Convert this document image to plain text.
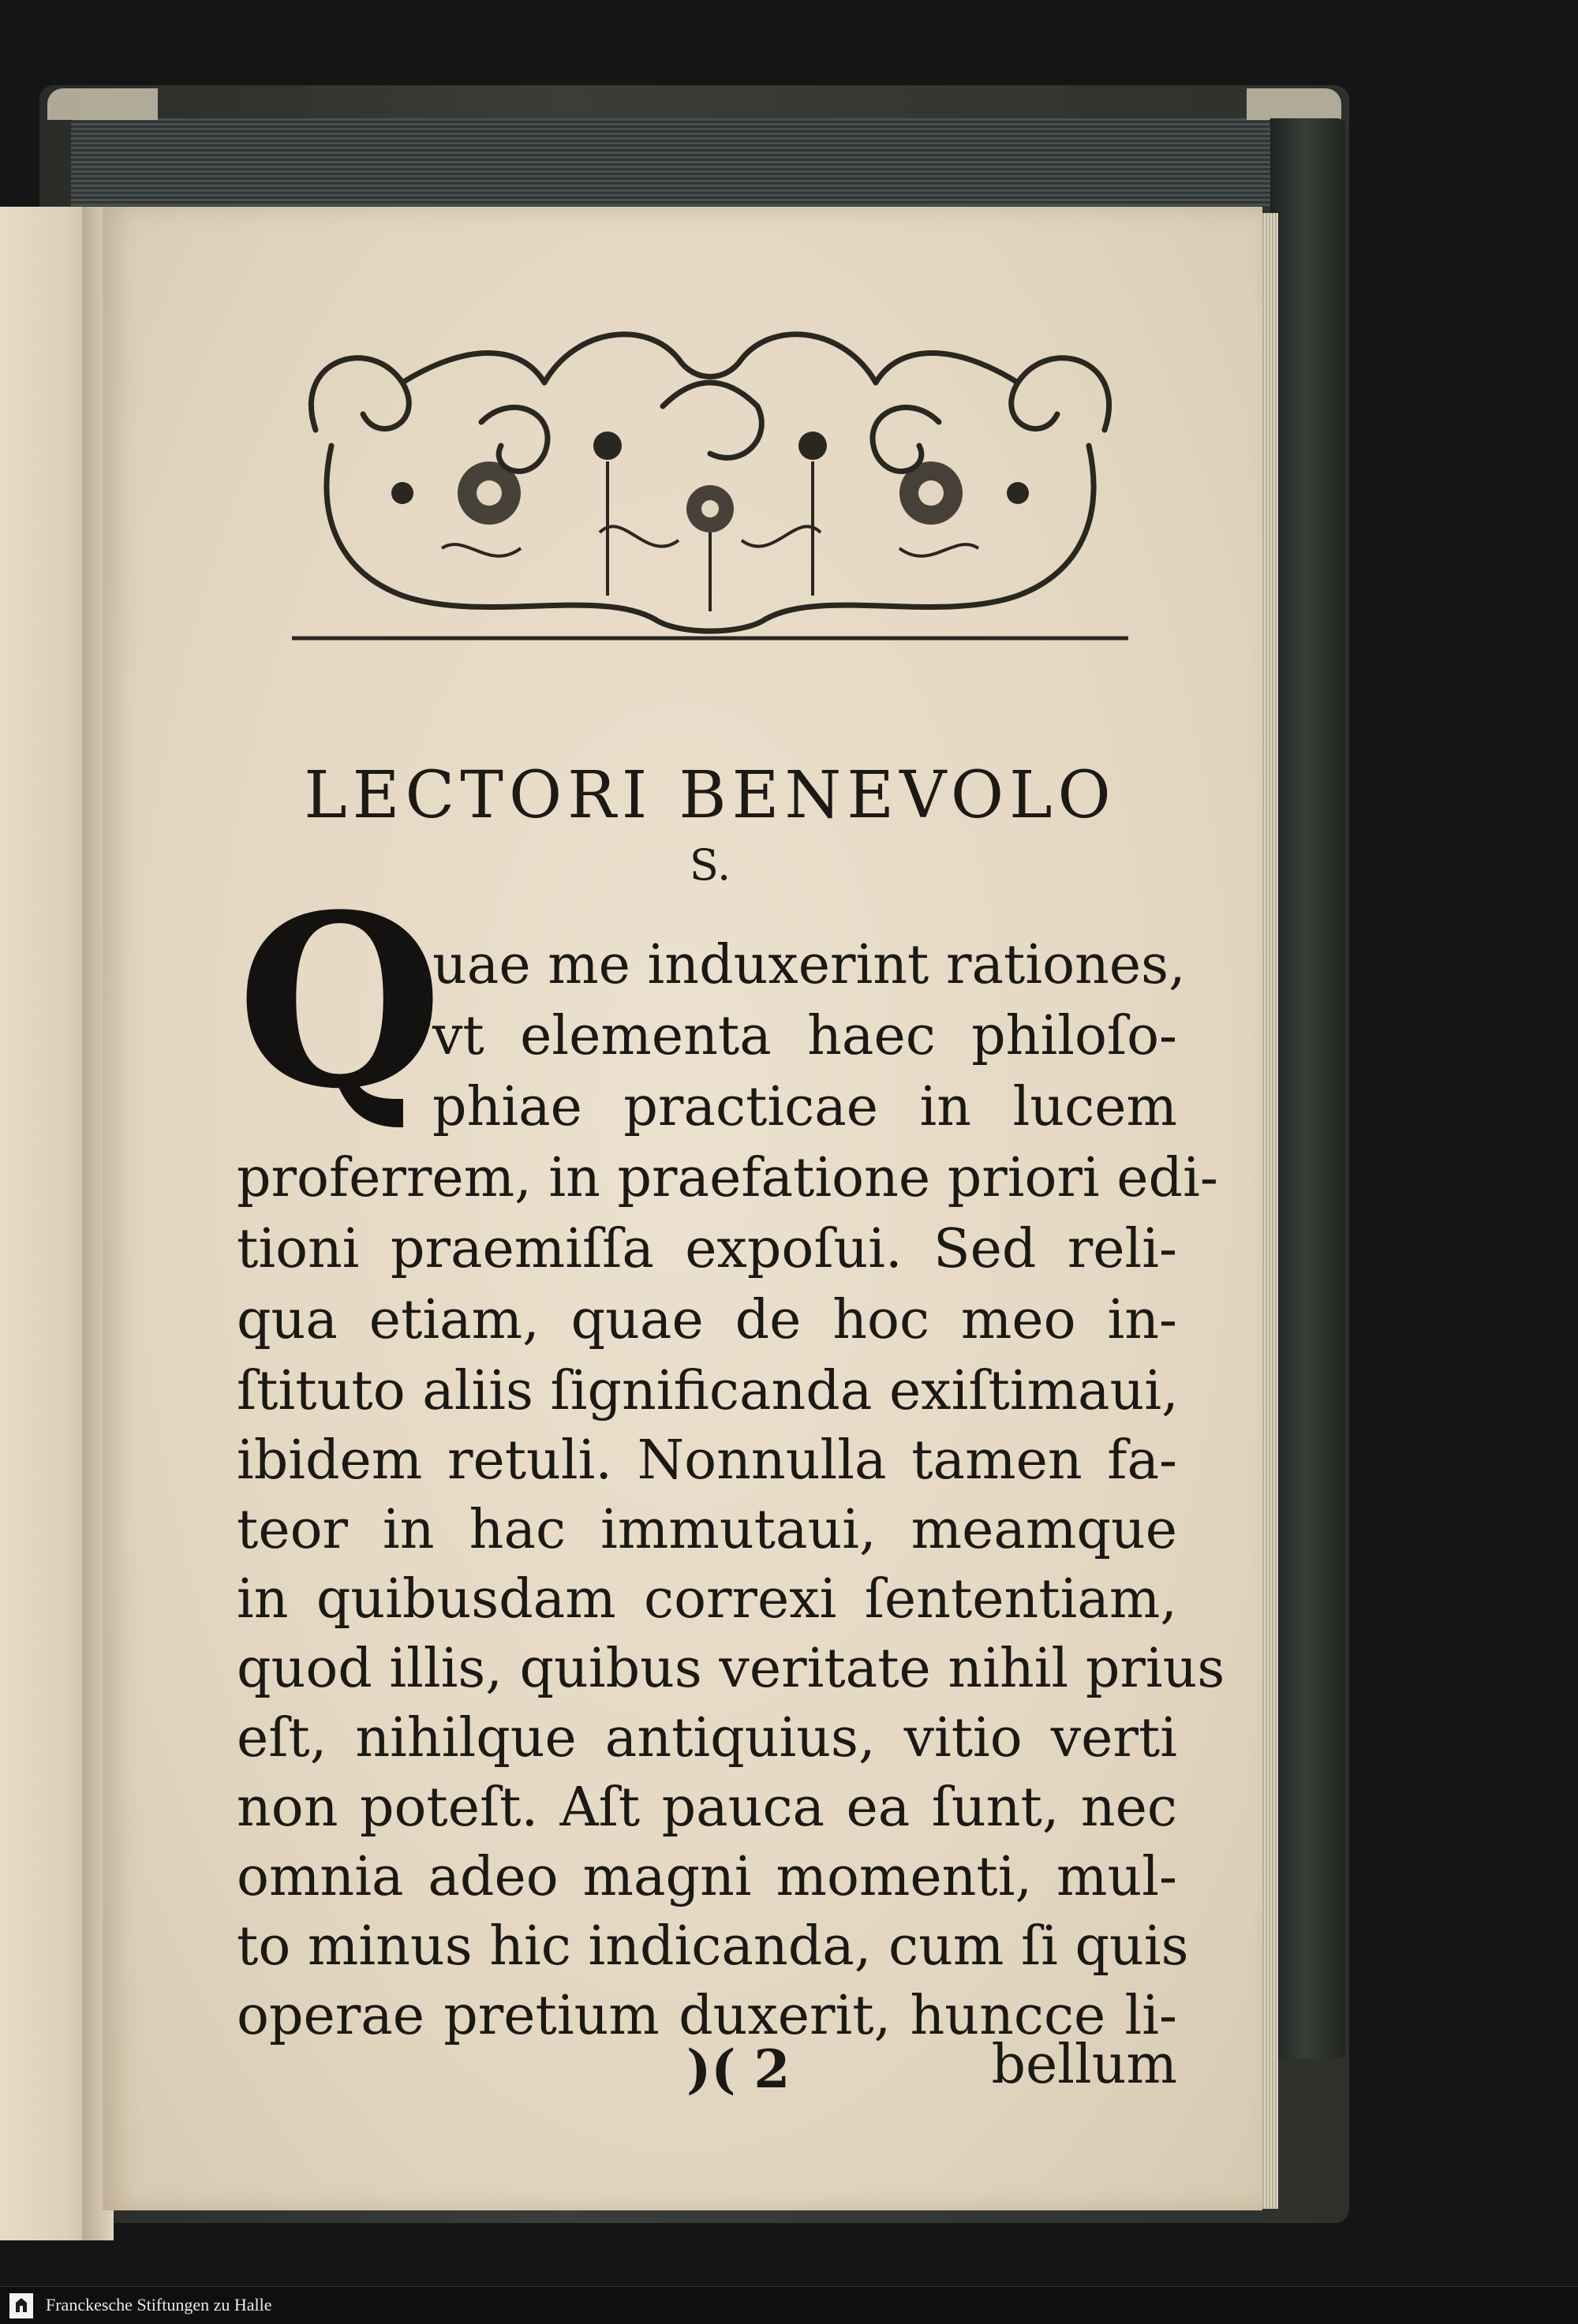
LECTORI BENEVOLO
S.
Q
uae me induxerint rationes,
vt elementa haec philoſo-
phiae practicae in lucem
proferrem, in praefatione priori edi-
tioni praemiſſa expoſui. Sed reli-
qua etiam, quae de hoc meo in-
ſtituto aliis ſignificanda exiſtimaui,
ibidem retuli. Nonnulla tamen fa-
teor in hac immutaui, meamque
in quibusdam correxi ſententiam,
quod illis, quibus veritate nihil prius
eſt, nihilque antiquius, vitio verti
non poteſt. Aſt pauca ea ſunt, nec
omnia adeo magni momenti, mul-
to minus hic indicanda, cum ſi quis
operae pretium duxerit, huncce li-
)( 2	bellum
Franckesche Stiftungen zu Halle
